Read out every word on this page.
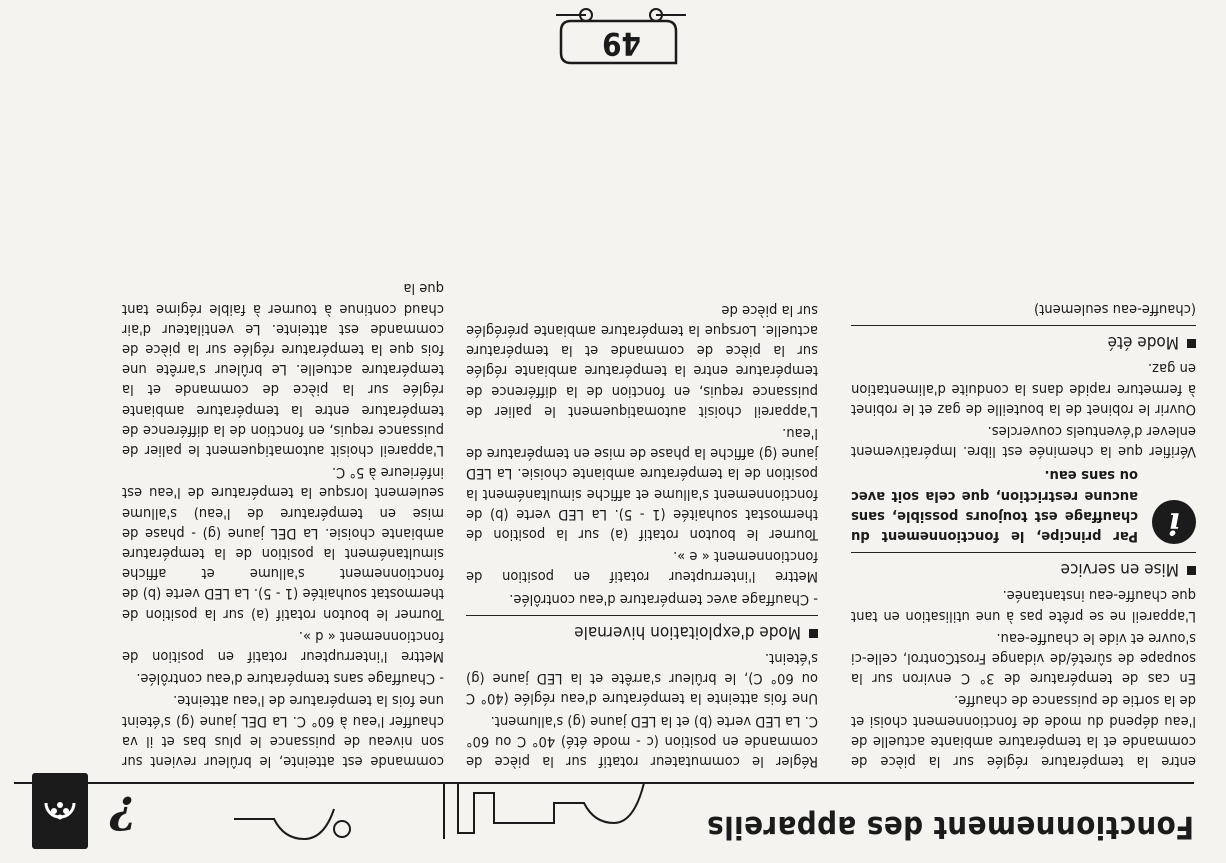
Fonctionnement des appareils
?

entre la température réglée sur la pièce de commande et la température ambiante actuelle de l'eau dépend du mode de fonctionnement choisi et de la sortie de puissance de chauffe.

En cas de température de 3° C environ sur la soupape de sûreté/de vidange FrostControl, celle-ci s'ouvre et vide le chauffe-eau.

L'appareil ne se prête pas à une utilisation en tant que chauffe-eau instantanée.

Mise en service
i
Par principe, le fonctionnement du chauffage est toujours possible, sans aucune restriction, que cela soit avec ou sans eau.

Vérifier que la cheminée est libre. Impérativement enlever d'éventuels couvercles.

Ouvrir le robinet de la bouteille de gaz et le robinet à fermeture rapide dans la conduite d'alimentation en gaz.

Mode été

(chauffe-eau seulement)

Régler le commutateur rotatif sur la pièce de commande en position (c - mode été) 40° C ou 60° C. La LED verte (b) et la LED jaune (g) s'allument.

Une fois atteinte la température d'eau réglée (40° C ou 60° C), le brûleur s'arrête et la LED jaune (g) s'éteint.

Mode d'exploitation hivernale

- Chauffage avec température d'eau contrôlée.

Mettre l'interrupteur rotatif en position de fonctionnement « e ».

Tourner le bouton rotatif (a) sur la position de thermostat souhaitée (1 - 5). La LED verte (b) de fonctionnement s'allume et affiche simultanément la position de la température ambiante choisie. La LED jaune (g) affiche la phase de mise en température de l'eau.

L'appareil choisit automatiquement le palier de puissance requis, en fonction de la différence de température entre la température ambiante réglée sur la pièce de commande et la température actuelle. Lorsque la température ambiante préréglée sur la pièce de

commande est atteinte, le brûleur revient sur son niveau de puissance le plus bas et il va chauffer l'eau à 60° C. La DEL jaune (g) s'éteint une fois la température de l'eau atteinte.

- Chauffage sans température d'eau contrôlée.

Mettre l'interrupteur rotatif en position de fonctionnement « d ».

Tourner le bouton rotatif (a) sur la position de thermostat souhaitée (1 - 5). La LED verte (b) de fonctionnement s'allume et affiche simultanément la position de la température ambiante choisie. La DEL jaune (g) - phase de mise en température de l'eau) s'allume seulement lorsque la température de l'eau est inférieure à 5° C.

L'appareil choisit automatiquement le palier de puissance requis, en fonction de la différence de température entre la température ambiante réglée sur la pièce de commande et la température actuelle. Le brûleur s'arrête une fois que la température réglée sur la pièce de commande est atteinte. Le ventilateur d'air chaud continue à tourner à faible régime tant que la

49
